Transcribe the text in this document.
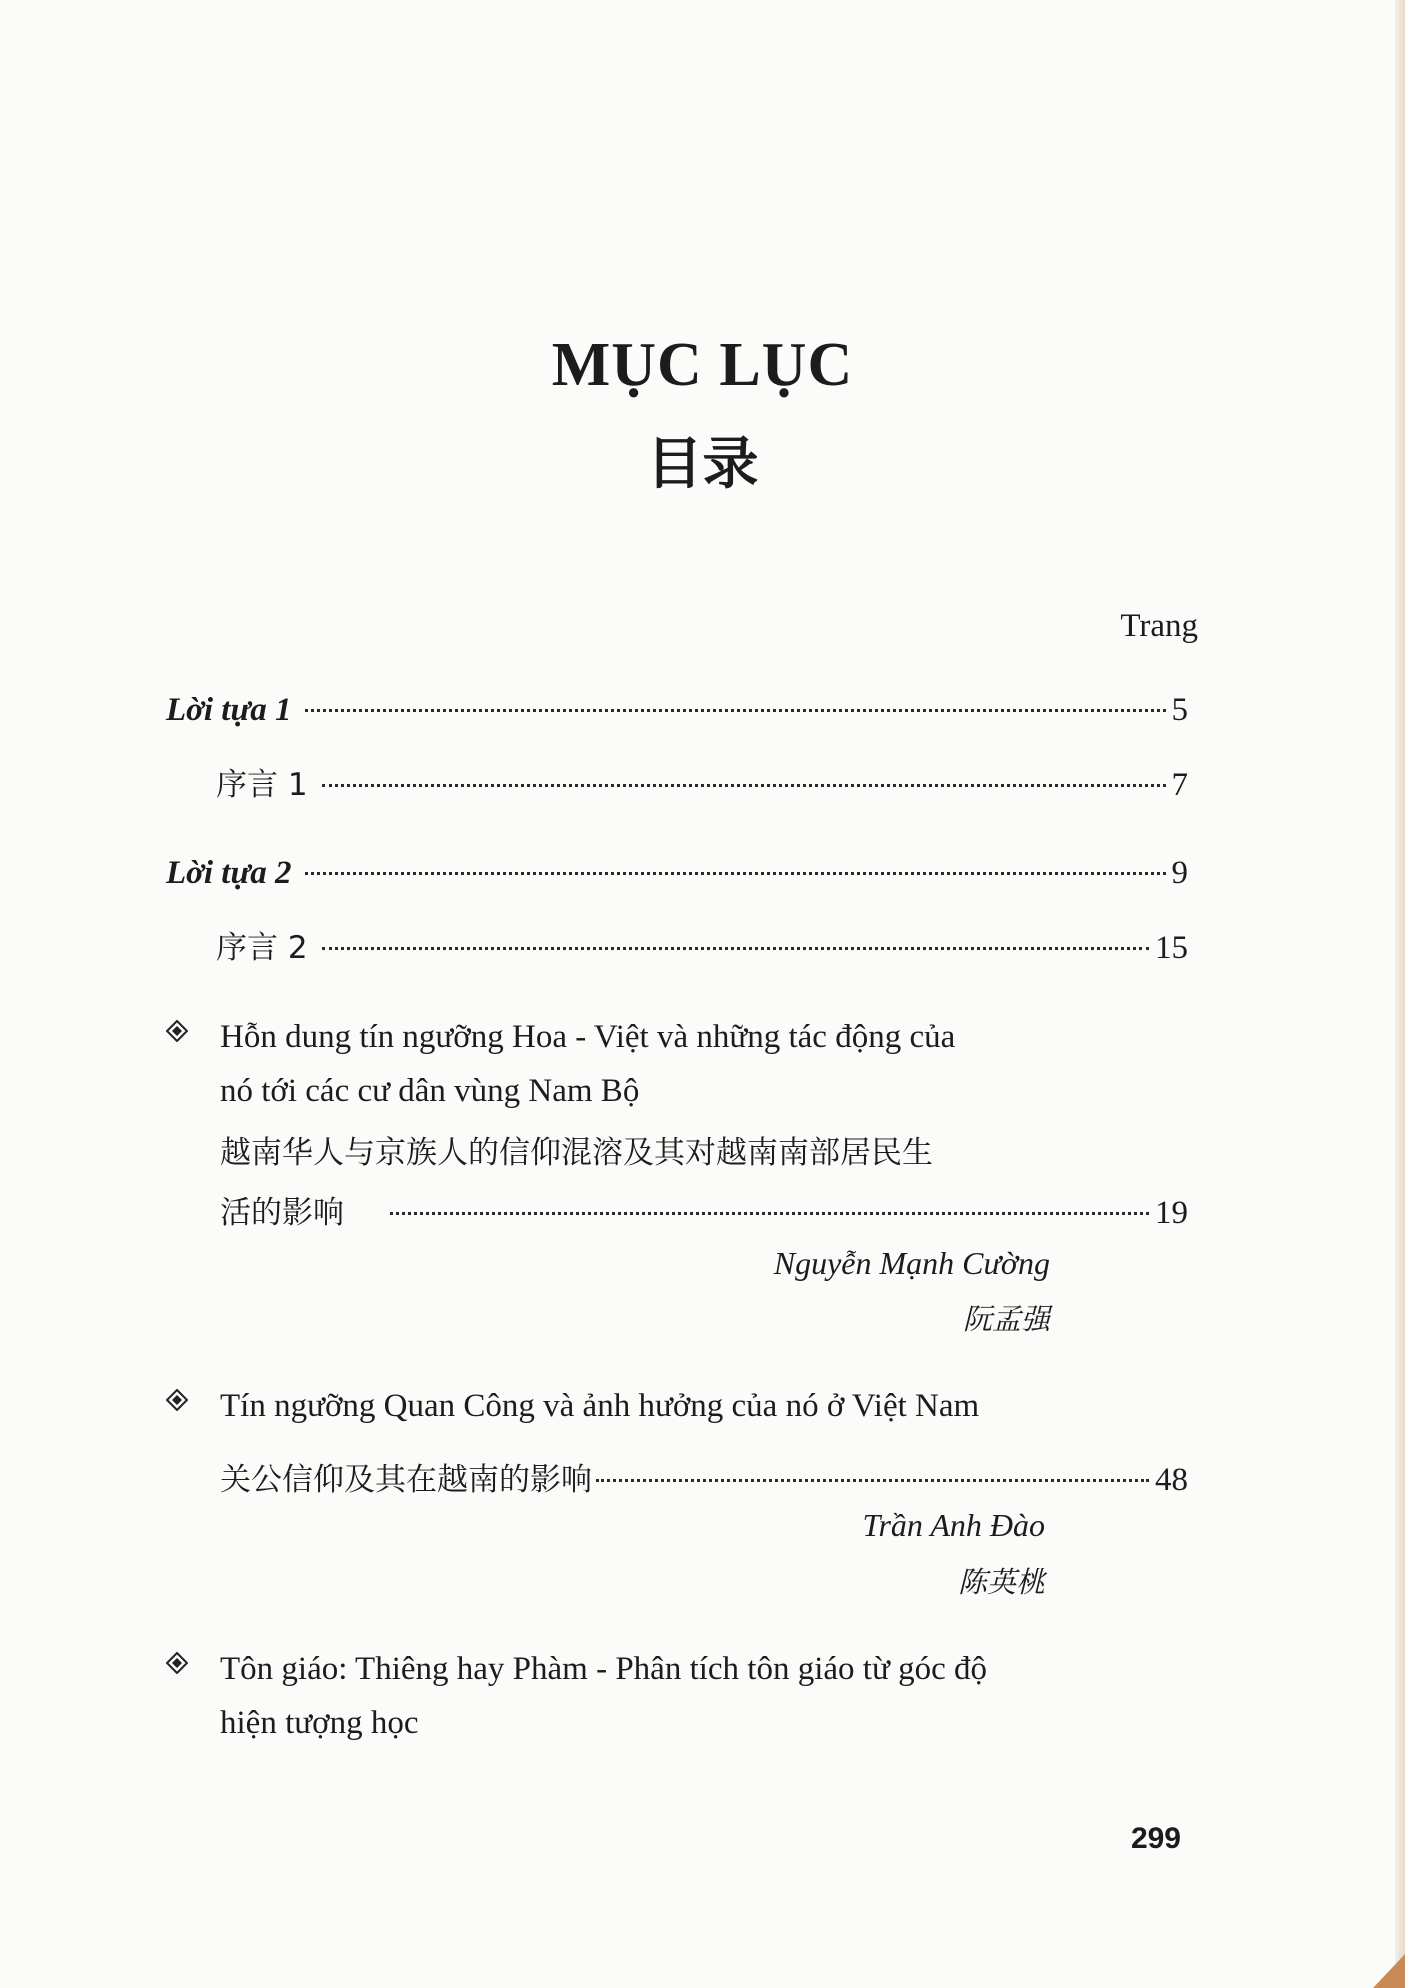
MỤC LỤC
目录
Trang
Lời tựa 1	5
序言 1	7
Lời tựa 2	9
序言 2	15
Hỗn dung tín ngưỡng Hoa - Việt và những tác động của
nó tới các cư dân vùng Nam Bộ
越南华人与京族人的信仰混溶及其对越南南部居民生
活的影响	19
Nguyễn Mạnh Cường
阮孟强
Tín ngưỡng Quan Công và ảnh hưởng của nó ở Việt Nam
关公信仰及其在越南的影响	48
Trần Anh Đào
陈英桃
Tôn giáo: Thiêng hay Phàm - Phân tích tôn giáo từ góc độ
hiện tượng học
299
